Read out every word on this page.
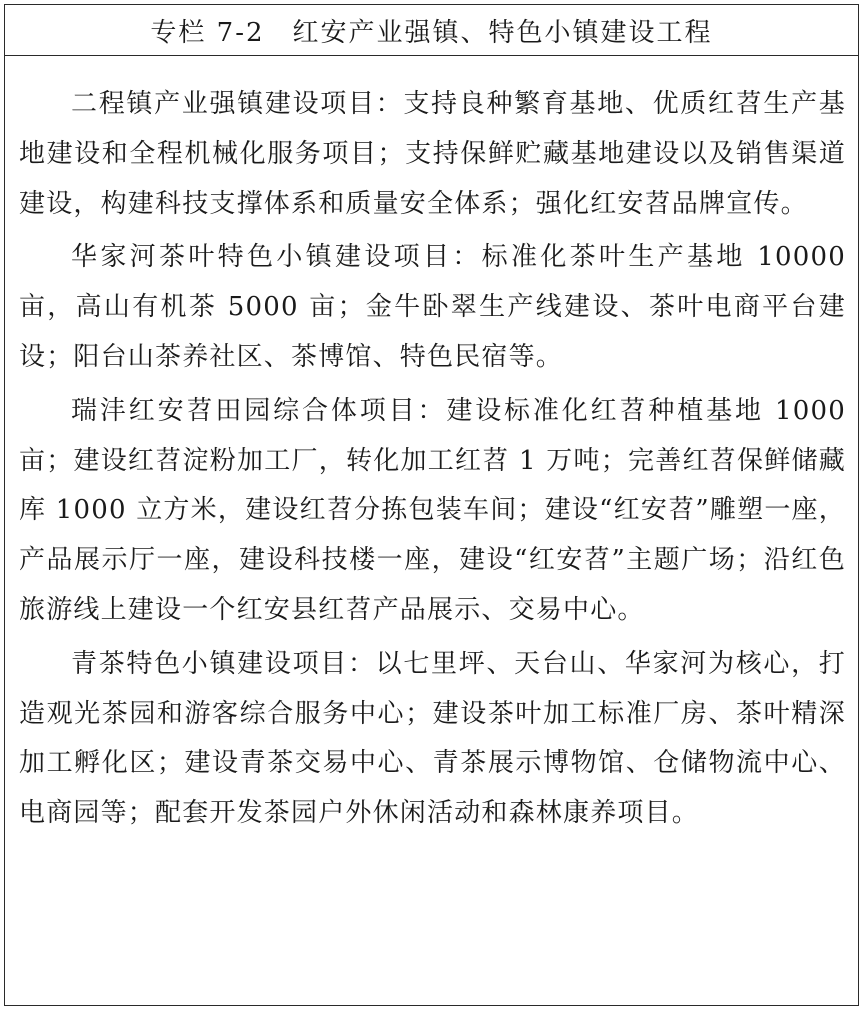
专栏 7-2　红安产业强镇、特色小镇建设工程

二程镇产业强镇建设项目：支持良种繁育基地、优质红苕生产基地建设和全程机械化服务项目；支持保鲜贮藏基地建设以及销售渠道建设，构建科技支撑体系和质量安全体系；强化红安苕品牌宣传。

华家河茶叶特色小镇建设项目：标准化茶叶生产基地 10000 亩，高山有机茶 5000 亩；金牛卧翠生产线建设、茶叶电商平台建设；阳台山茶养社区、茶博馆、特色民宿等。

瑞沣红安苕田园综合体项目：建设标准化红苕种植基地 1000 亩；建设红苕淀粉加工厂，转化加工红苕 1 万吨；完善红苕保鲜储藏库 1000 立方米，建设红苕分拣包装车间；建设“红安苕”雕塑一座，产品展示厅一座，建设科技楼一座，建设“红安苕”主题广场；沿红色旅游线上建设一个红安县红苕产品展示、交易中心。

青茶特色小镇建设项目：以七里坪、天台山、华家河为核心，打造观光茶园和游客综合服务中心；建设茶叶加工标准厂房、茶叶精深加工孵化区；建设青茶交易中心、青茶展示博物馆、仓储物流中心、电商园等；配套开发茶园户外休闲活动和森林康养项目。
